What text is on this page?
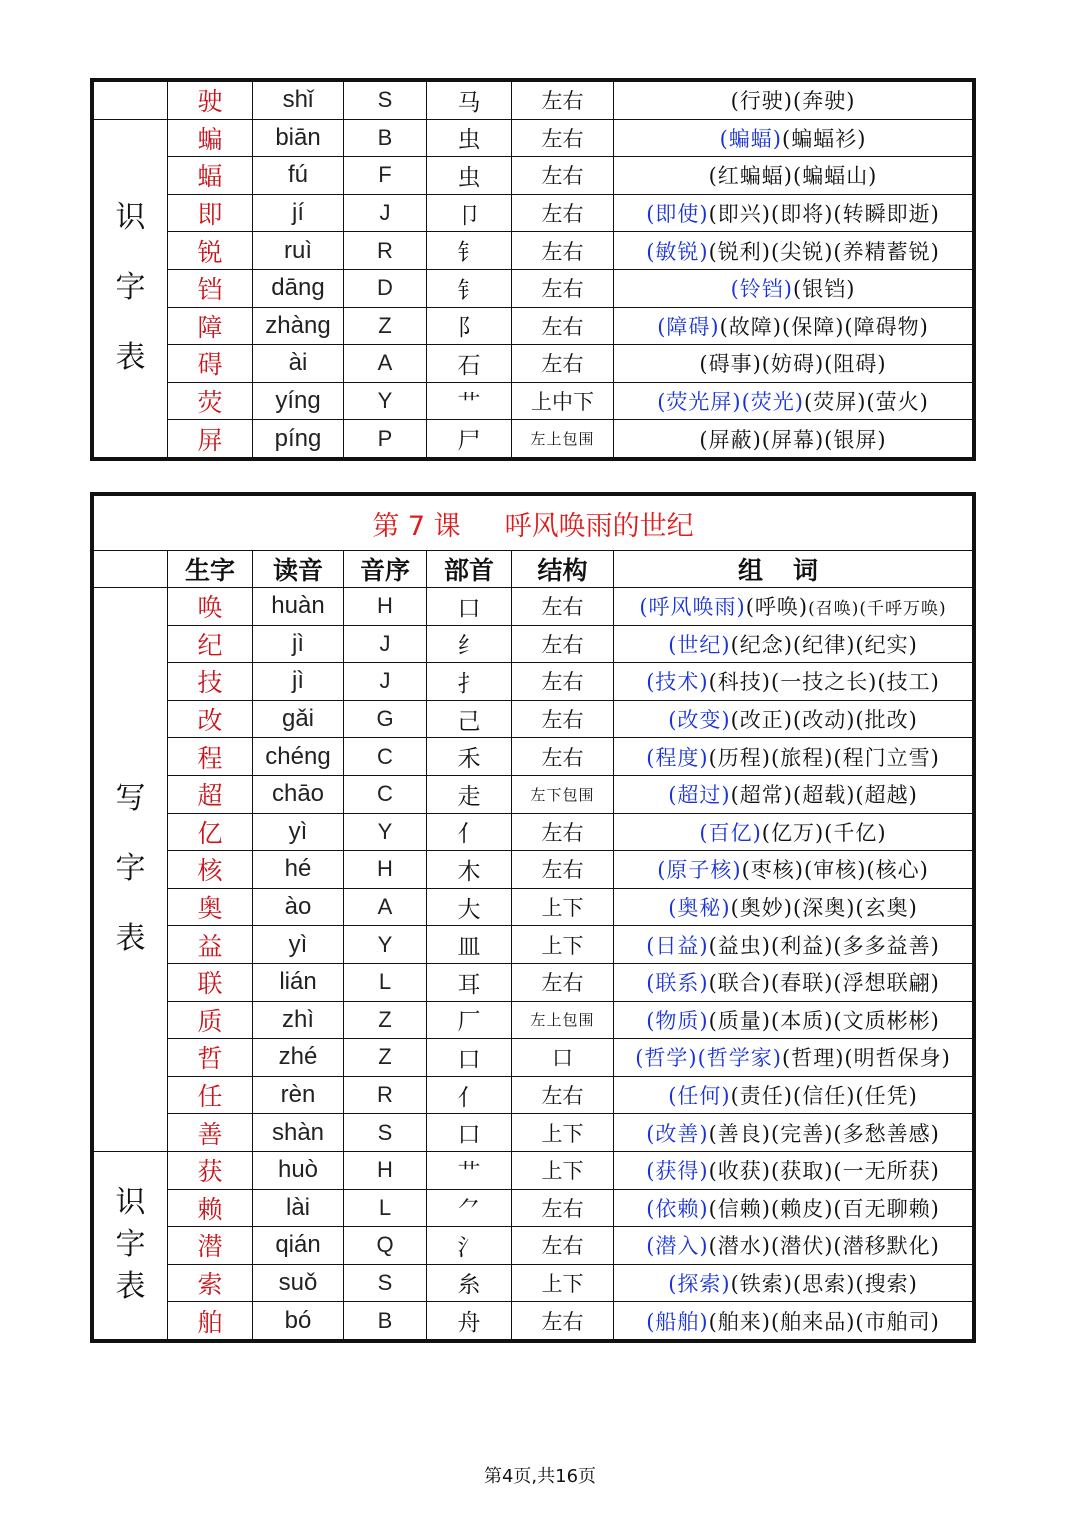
	驶	shǐ	S	马	左右	(行驶)(奔驶)
识
字
表	蝙	biān	B	虫	左右	(蝙蝠)(蝙蝠衫)
	蝠	fú	F	虫	左右	(红蝙蝠)(蝙蝠山)
	即	jí	J	卩	左右	(即使)(即兴)(即将)(转瞬即逝)
	锐	ruì	R	钅	左右	(敏锐)(锐利)(尖锐)(养精蓄锐)
	铛	dāng	D	钅	左右	(铃铛)(银铛)
	障	zhàng	Z	阝	左右	(障碍)(故障)(保障)(障碍物)
	碍	ài	A	石	左右	(碍事)(妨碍)(阻碍)
	荧	yíng	Y	艹	上中下	(荧光屏)(荧光)(荧屏)(萤火)
	屏	píng	P	尸	左上包围	(屏蔽)(屏幕)(银屏)
第 7 课 呼风唤雨的世纪						
	生字	读音	音序	部首	结构	组词
写
字
表	唤	huàn	H	口	左右	(呼风唤雨)(呼唤)(召唤)(千呼万唤)
	纪	jì	J	纟	左右	(世纪)(纪念)(纪律)(纪实)
	技	jì	J	扌	左右	(技术)(科技)(一技之长)(技工)
	改	gǎi	G	己	左右	(改变)(改正)(改动)(批改)
	程	chéng	C	禾	左右	(程度)(历程)(旅程)(程门立雪)
	超	chāo	C	走	左下包围	(超过)(超常)(超载)(超越)
	亿	yì	Y	亻	左右	(百亿)(亿万)(千亿)
	核	hé	H	木	左右	(原子核)(枣核)(审核)(核心)
	奥	ào	A	大	上下	(奥秘)(奥妙)(深奥)(玄奥)
	益	yì	Y	皿	上下	(日益)(益虫)(利益)(多多益善)
	联	lián	L	耳	左右	(联系)(联合)(春联)(浮想联翩)
	质	zhì	Z	厂	左上包围	(物质)(质量)(本质)(文质彬彬)
	哲	zhé	Z	口	口	(哲学)(哲学家)(哲理)(明哲保身)
	任	rèn	R	亻	左右	(任何)(责任)(信任)(任凭)
	善	shàn	S	口	上下	(改善)(善良)(完善)(多愁善感)
识
字
表	获	huò	H	艹	上下	(获得)(收获)(获取)(一无所获)
	赖	lài	L	⺈	左右	(依赖)(信赖)(赖皮)(百无聊赖)
	潜	qián	Q	氵	左右	(潜入)(潜水)(潜伏)(潜移默化)
	索	suǒ	S	糸	上下	(探索)(铁索)(思索)(搜索)
	舶	bó	B	舟	左右	(船舶)(舶来)(舶来品)(市舶司)
第4页,共16页
